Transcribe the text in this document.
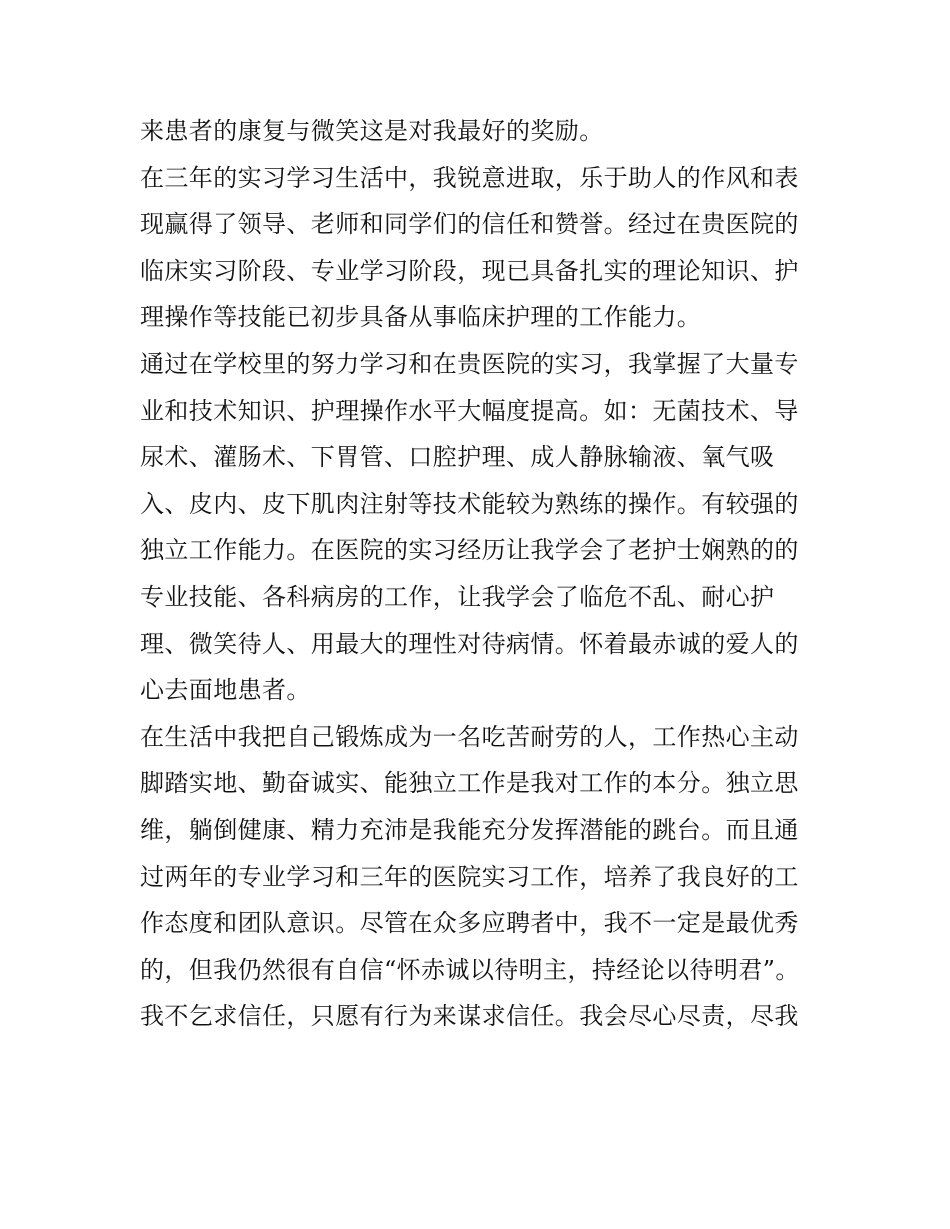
来患者的康复与微笑这是对我最好的奖励。
在三年的实习学习生活中，我锐意进取，乐于助人的作风和表
现赢得了领导、老师和同学们的信任和赞誉。经过在贵医院的
临床实习阶段、专业学习阶段，现已具备扎实的理论知识、护
理操作等技能已初步具备从事临床护理的工作能力。
通过在学校里的努力学习和在贵医院的实习，我掌握了大量专
业和技术知识、护理操作水平大幅度提高。如：无菌技术、导
尿术、灌肠术、下胃管、口腔护理、成人静脉输液、氧气吸
入、皮内、皮下肌肉注射等技术能较为熟练的操作。有较强的
独立工作能力。在医院的实习经历让我学会了老护士娴熟的的
专业技能、各科病房的工作，让我学会了临危不乱、耐心护
理、微笑待人、用最大的理性对待病情。怀着最赤诚的爱人的
心去面地患者。
在生活中我把自己锻炼成为一名吃苦耐劳的人，工作热心主动
脚踏实地、勤奋诚实、能独立工作是我对工作的本分。独立思
维，躺倒健康、精力充沛是我能充分发挥潜能的跳台。而且通
过两年的专业学习和三年的医院实习工作，培养了我良好的工
作态度和团队意识。尽管在众多应聘者中，我不一定是最优秀
的，但我仍然很有自信“怀赤诚以待明主，持经论以待明君”。
我不乞求信任，只愿有行为来谋求信任。我会尽心尽责，尽我
